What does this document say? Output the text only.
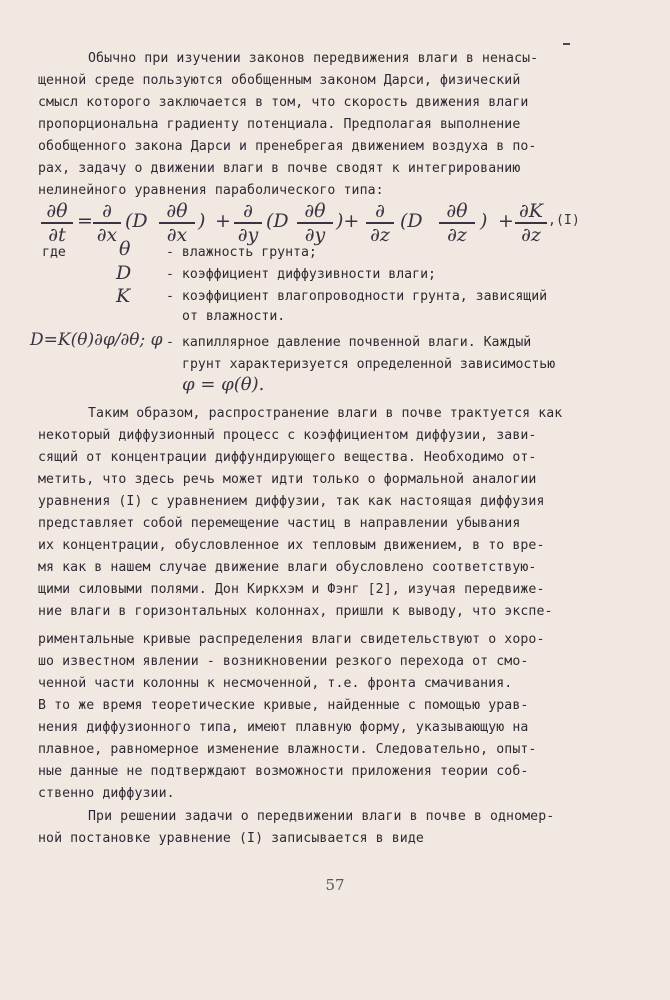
Обычно при изучении законов передвижения влаги в ненасы-
щенной среде пользуются обобщенным законом Дарси, физический
смысл которого заключается в том, что скорость движения влаги
пропорциональна градиенту потенциала. Предполагая выполнение
обобщенного закона Дарси и пренебрегая движением воздуха в по-
рах, задачу о движении влаги в почве сводят к интегрированию
нелинейного уравнения параболического типа:
∂θ
∂t
= ∂
∂x
(D ∂θ
∂x
) + ∂
∂y
(D ∂θ
∂y
)+ ∂
∂z
(D	∂θ
∂z
) + ∂K
∂z
,(I)
где	θ	- влажность грунта;
D	- коэффициент диффузивности влаги;
K	- коэффициент влагопроводности грунта, зависящий
от влажности.
D=K(θ)∂φ/∂θ; φ - капиллярное давление почвенной влаги. Каждый
грунт характеризуется определенной зависимостью
φ = φ(θ).
Таким образом, распространение влаги в почве трактуется как
некоторый диффузионный процесс с коэффициентом диффузии, зави-
сящий от концентрации диффундирующего вещества. Необходимо от-
метить, что здесь речь может идти только о формальной аналогии
уравнения (I) с уравнением диффузии, так как настоящая диффузия
представляет собой перемещение частиц в направлении убывания
их концентрации, обусловленное их тепловым движением, в то вре-
мя как в нашем случае движение влаги обусловлено соответствую-
щими силовыми полями. Дон Киркхэм и Фэнг [2], изучая передвиже-
ние влаги в горизонтальных колоннах, пришли к выводу, что экспе-
риментальные кривые распределения влаги свидетельствуют о хоро-
шо известном явлении - возникновении резкого перехода от смо-
ченной части колонны к несмоченной, т.е. фронта смачивания.
В то же время теоретические кривые, найденные с помощью урав-
нения диффузионного типа, имеют плавную форму, указывающую на
плавное, равномерное изменение влажности. Следовательно, опыт-
ные данные не подтверждают возможности приложения теории соб-
ственно диффузии.
При решении задачи о передвижении влаги в почве в одномер-
ной постановке уравнение (I) записывается в виде
57
